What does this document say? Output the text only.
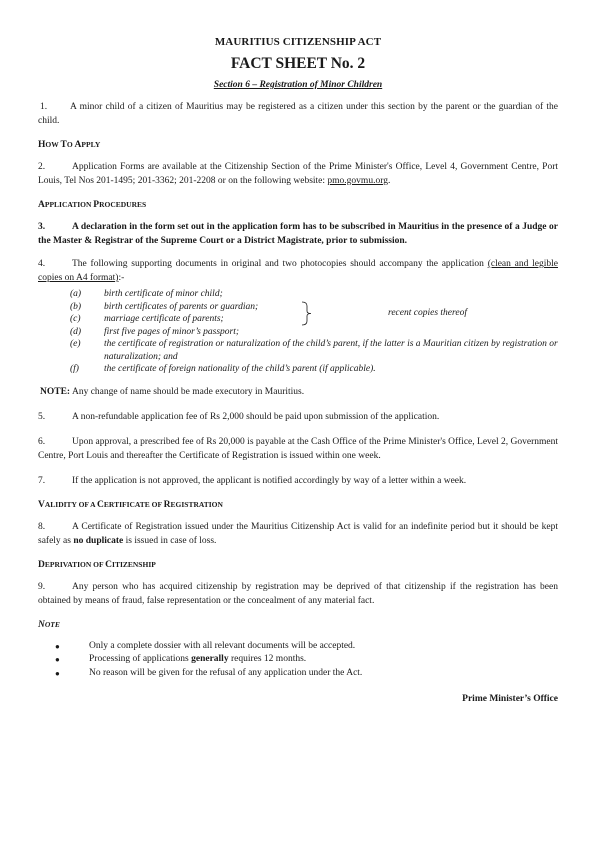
MAURITIUS CITIZENSHIP ACT
FACT SHEET No. 2
Section 6 – Registration of Minor Children

1. A minor child of a citizen of Mauritius may be registered as a citizen under this section by the parent or the guardian of the child.

HOW TO APPLY

2.	Application Forms are available at the Citizenship Section of the Prime Minister's Office, Level 4, Government Centre, Port Louis, Tel Nos 201-1495; 201-3362; 201-2208 or on the following website: pmo.govmu.org.

APPLICATION PROCEDURES

3.	A declaration in the form set out in the application form has to be subscribed in Mauritius in the presence of a Judge or the Master & Registrar of the Supreme Court or a District Magistrate, prior to submission.

4.	The following supporting documents in original and two photocopies should accompany the application (clean and legible copies on A4 format):-

(a)	birth certificate of minor child;
recent copies thereof
(b)	birth certificates of parents or guardian;
(c)	marriage certificate of parents;
(d)	first five pages of minor’s passport;
(e)	the certificate of registration or naturalization of the child’s parent, if the latter is a Mauritian citizen by registration or naturalization; and
(f)	the certificate of foreign nationality of the child’s parent (if applicable).

NOTE: Any change of name should be made executory in Mauritius.

5.	A non-refundable application fee of Rs 2,000 should be paid upon submission of the application.

6.	Upon approval, a prescribed fee of Rs 20,000 is payable at the Cash Office of the Prime Minister's Office, Level 2, Government Centre, Port Louis and thereafter the Certificate of Registration is issued within one week.

7.	If the application is not approved, the applicant is notified accordingly by way of a letter within a week.

VALIDITY OF A CERTIFICATE OF REGISTRATION

8.	A Certificate of Registration issued under the Mauritius Citizenship Act is valid for an indefinite period but it should be kept safely as no duplicate is issued in case of loss.

DEPRIVATION OF CITIZENSHIP

9.	Any person who has acquired citizenship by registration may be deprived of that citizenship if the registration has been obtained by means of fraud, false representation or the concealment of any material fact.

NOTE
●	Only a complete dossier with all relevant documents will be accepted.
●	Processing of applications generally requires 12 months.
●	No reason will be given for the refusal of any application under the Act.
Prime Minister’s Office
